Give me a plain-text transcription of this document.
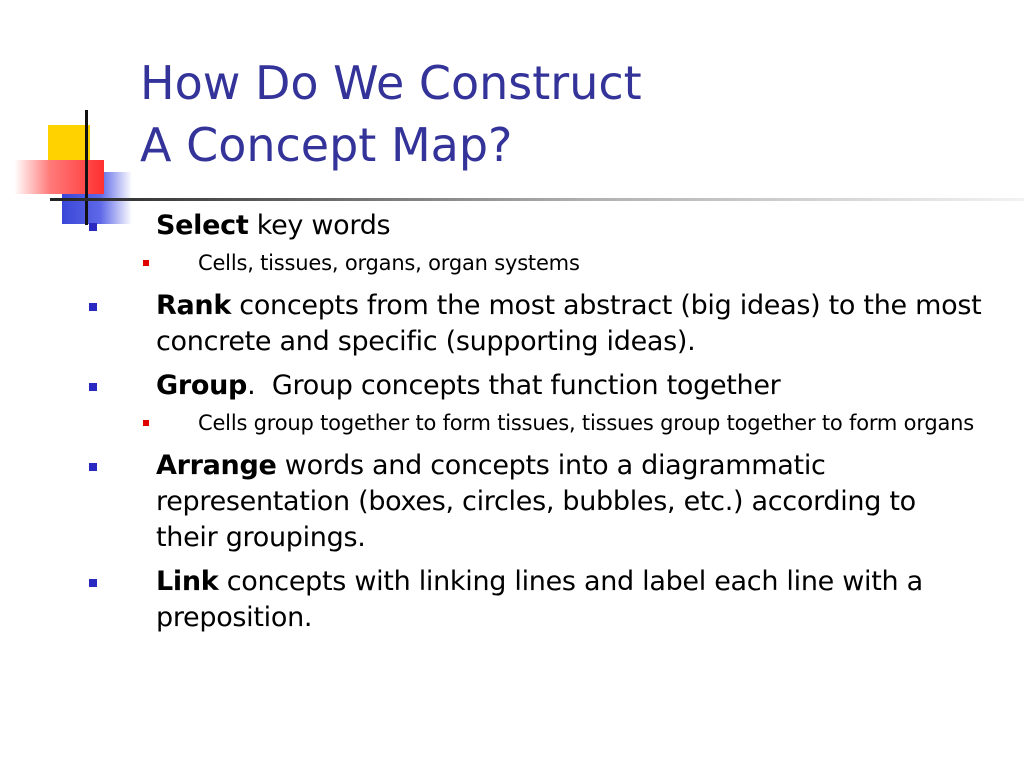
How Do We Construct
A Concept Map?
Select key words
Cells, tissues, organs, organ systems
Rank concepts from the most abstract (big ideas) to the most concrete and specific (supporting ideas).
Group.  Group concepts that function together
Cells group together to form tissues, tissues group together to form organs
Arrange words and concepts into a diagrammatic representation (boxes, circles, bubbles, etc.) according to their groupings.
Link concepts with linking lines and label each line with a preposition.
